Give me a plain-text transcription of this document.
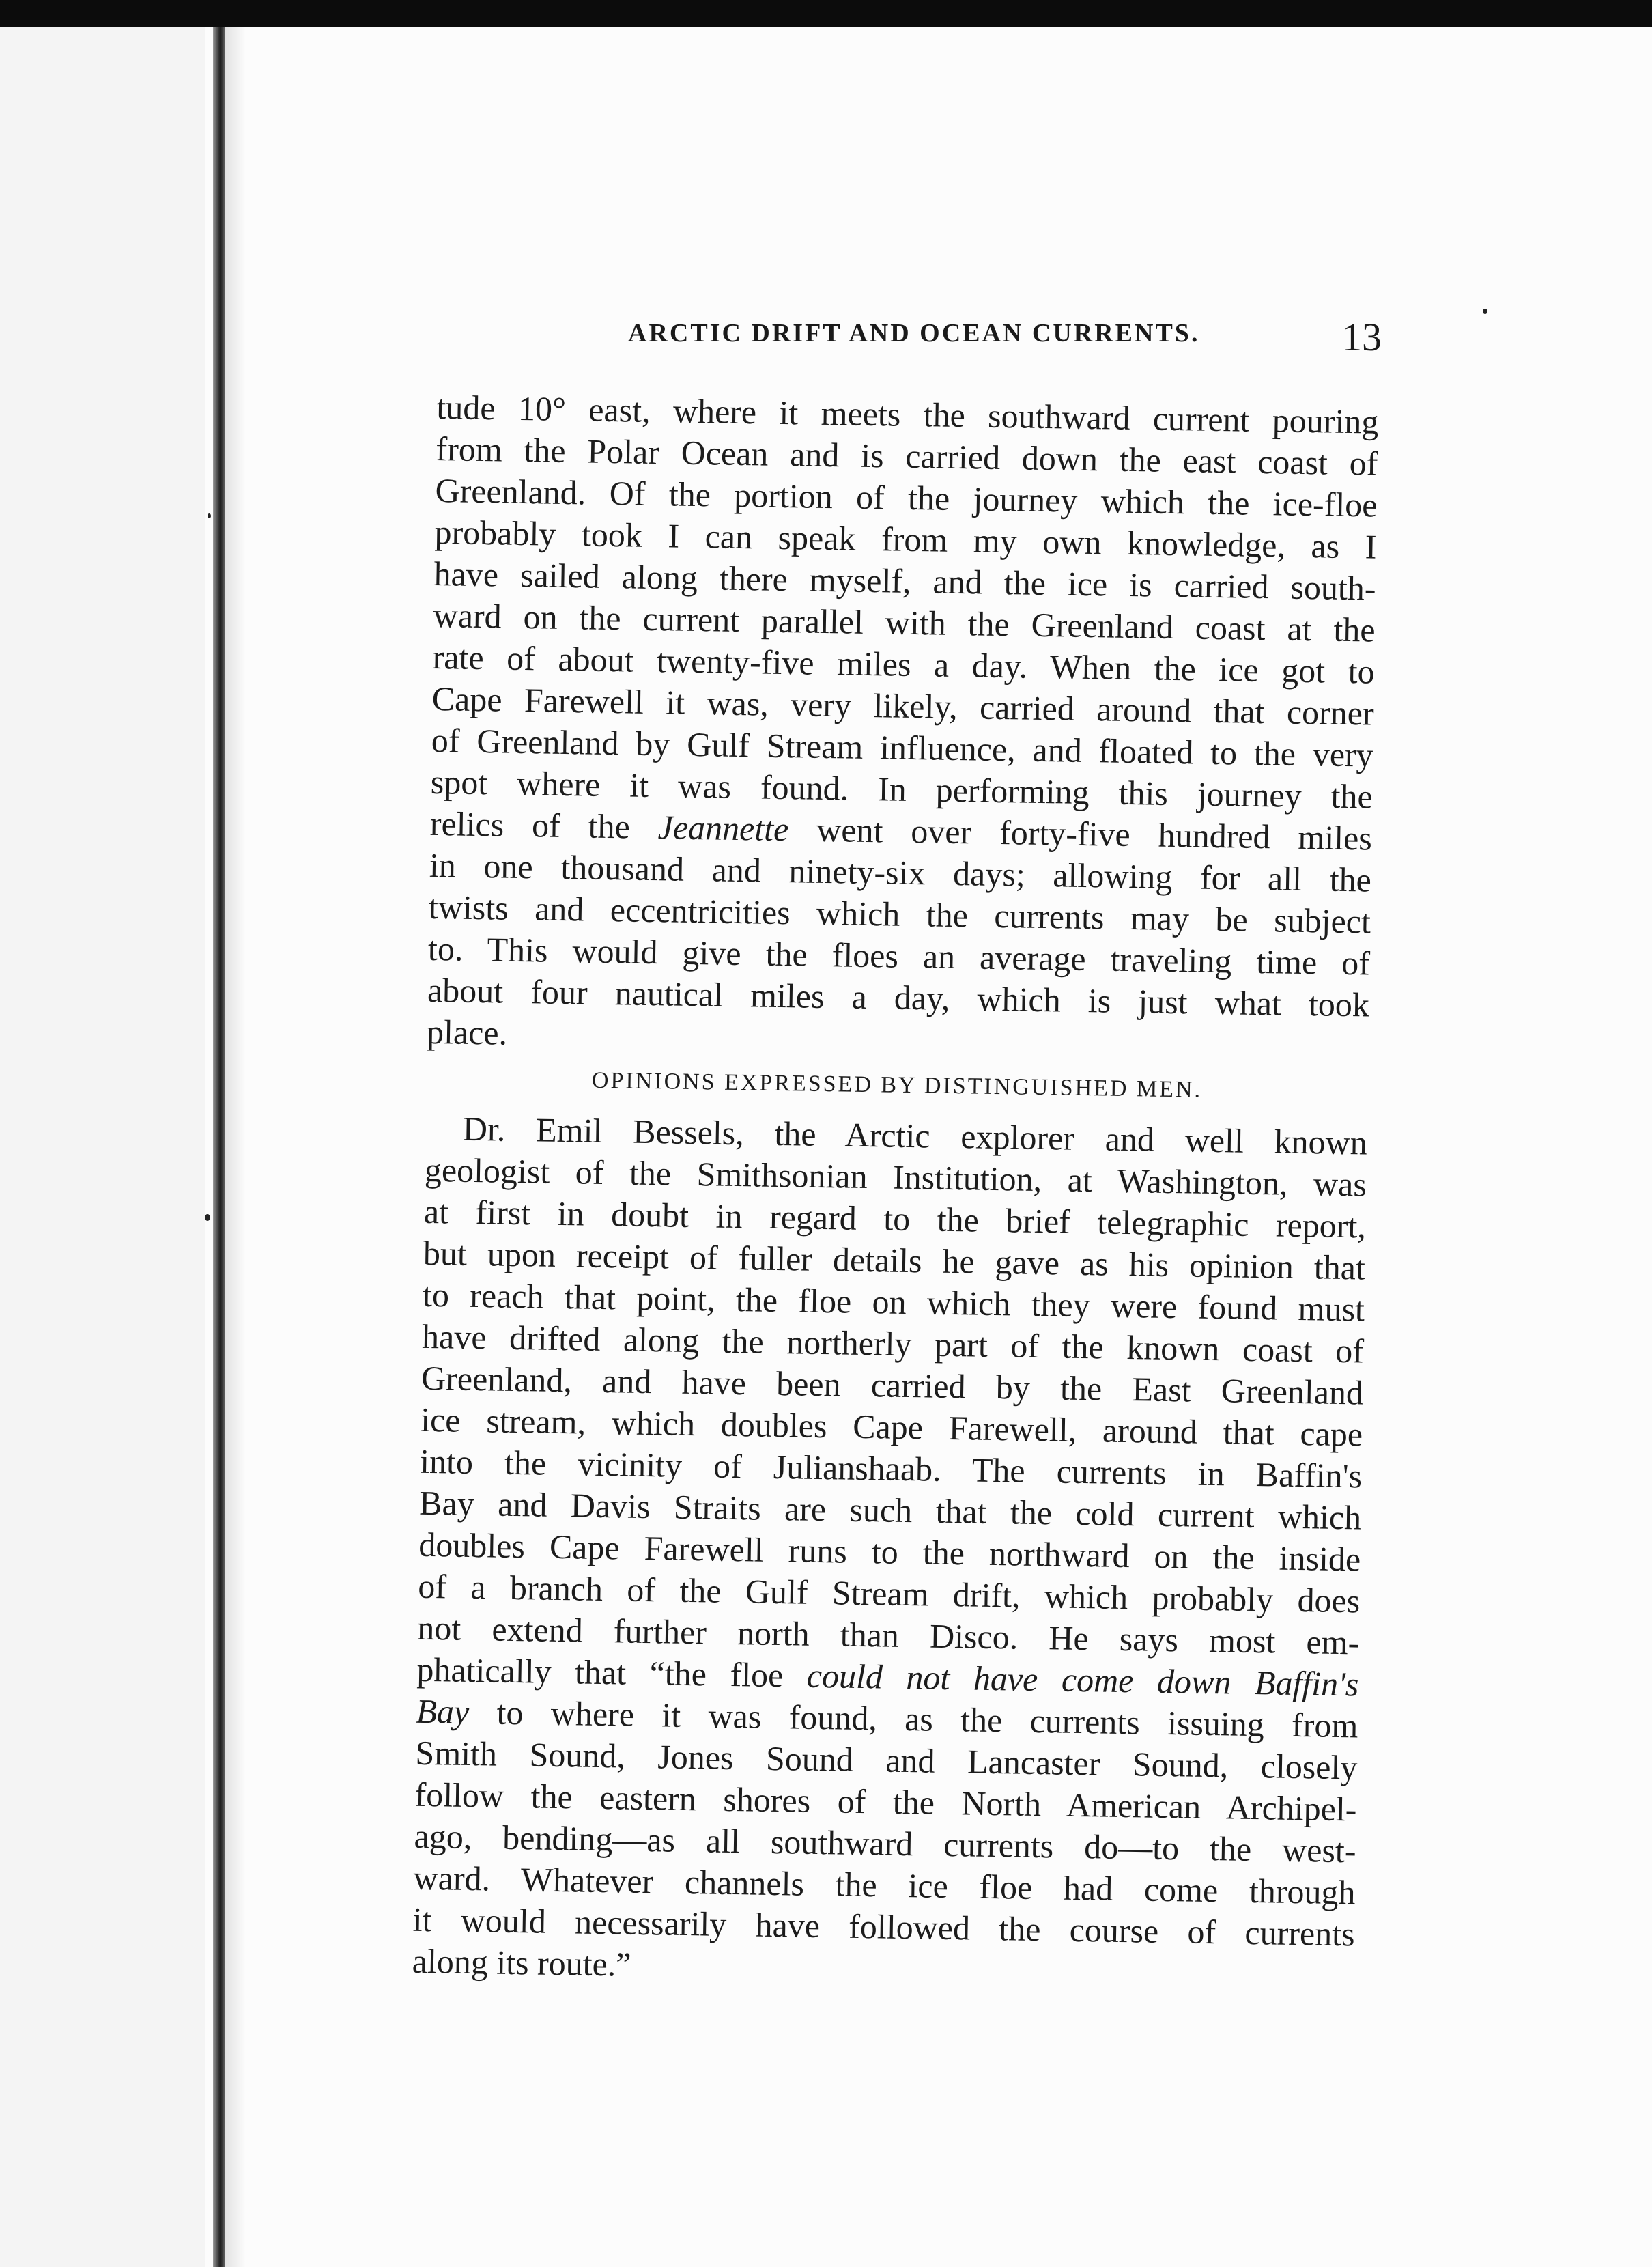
ARCTIC DRIFT AND OCEAN CURRENTS.	13
tude 10° east, where it meets the southward current pouring
from the Polar Ocean and is carried down the east coast of
Greenland. Of the portion of the journey which the ice-floe
probably took I can speak from my own knowledge, as I
have sailed along there myself, and the ice is carried south-
ward on the current parallel with the Greenland coast at the
rate of about twenty-five miles a day. When the ice got to
Cape Farewell it was, very likely, carried around that corner
of Greenland by Gulf Stream influence, and floated to the very
spot where it was found. In performing this journey the
relics of the Jeannette went over forty-five hundred miles
in one thousand and ninety-six days; allowing for all the
twists and eccentricities which the currents may be subject
to. This would give the floes an average traveling time of
about four nautical miles a day, which is just what took
place.
OPINIONS EXPRESSED BY DISTINGUISHED MEN.
Dr. Emil Bessels, the Arctic explorer and well known
geologist of the Smithsonian Institution, at Washington, was
at first in doubt in regard to the brief telegraphic report,
but upon receipt of fuller details he gave as his opinion that
to reach that point, the floe on which they were found must
have drifted along the northerly part of the known coast of
Greenland, and have been carried by the East Greenland
ice stream, which doubles Cape Farewell, around that cape
into the vicinity of Julianshaab. The currents in Baffin's
Bay and Davis Straits are such that the cold current which
doubles Cape Farewell runs to the northward on the inside
of a branch of the Gulf Stream drift, which probably does
not extend further north than Disco. He says most em-
phatically that “the floe could not have come down Baffin's
Bay to where it was found, as the currents issuing from
Smith Sound, Jones Sound and Lancaster Sound, closely
follow the eastern shores of the North American Archipel-
ago, bending—as all southward currents do—to the west-
ward. Whatever channels the ice floe had come through
it would necessarily have followed the course of currents
along its route.”
